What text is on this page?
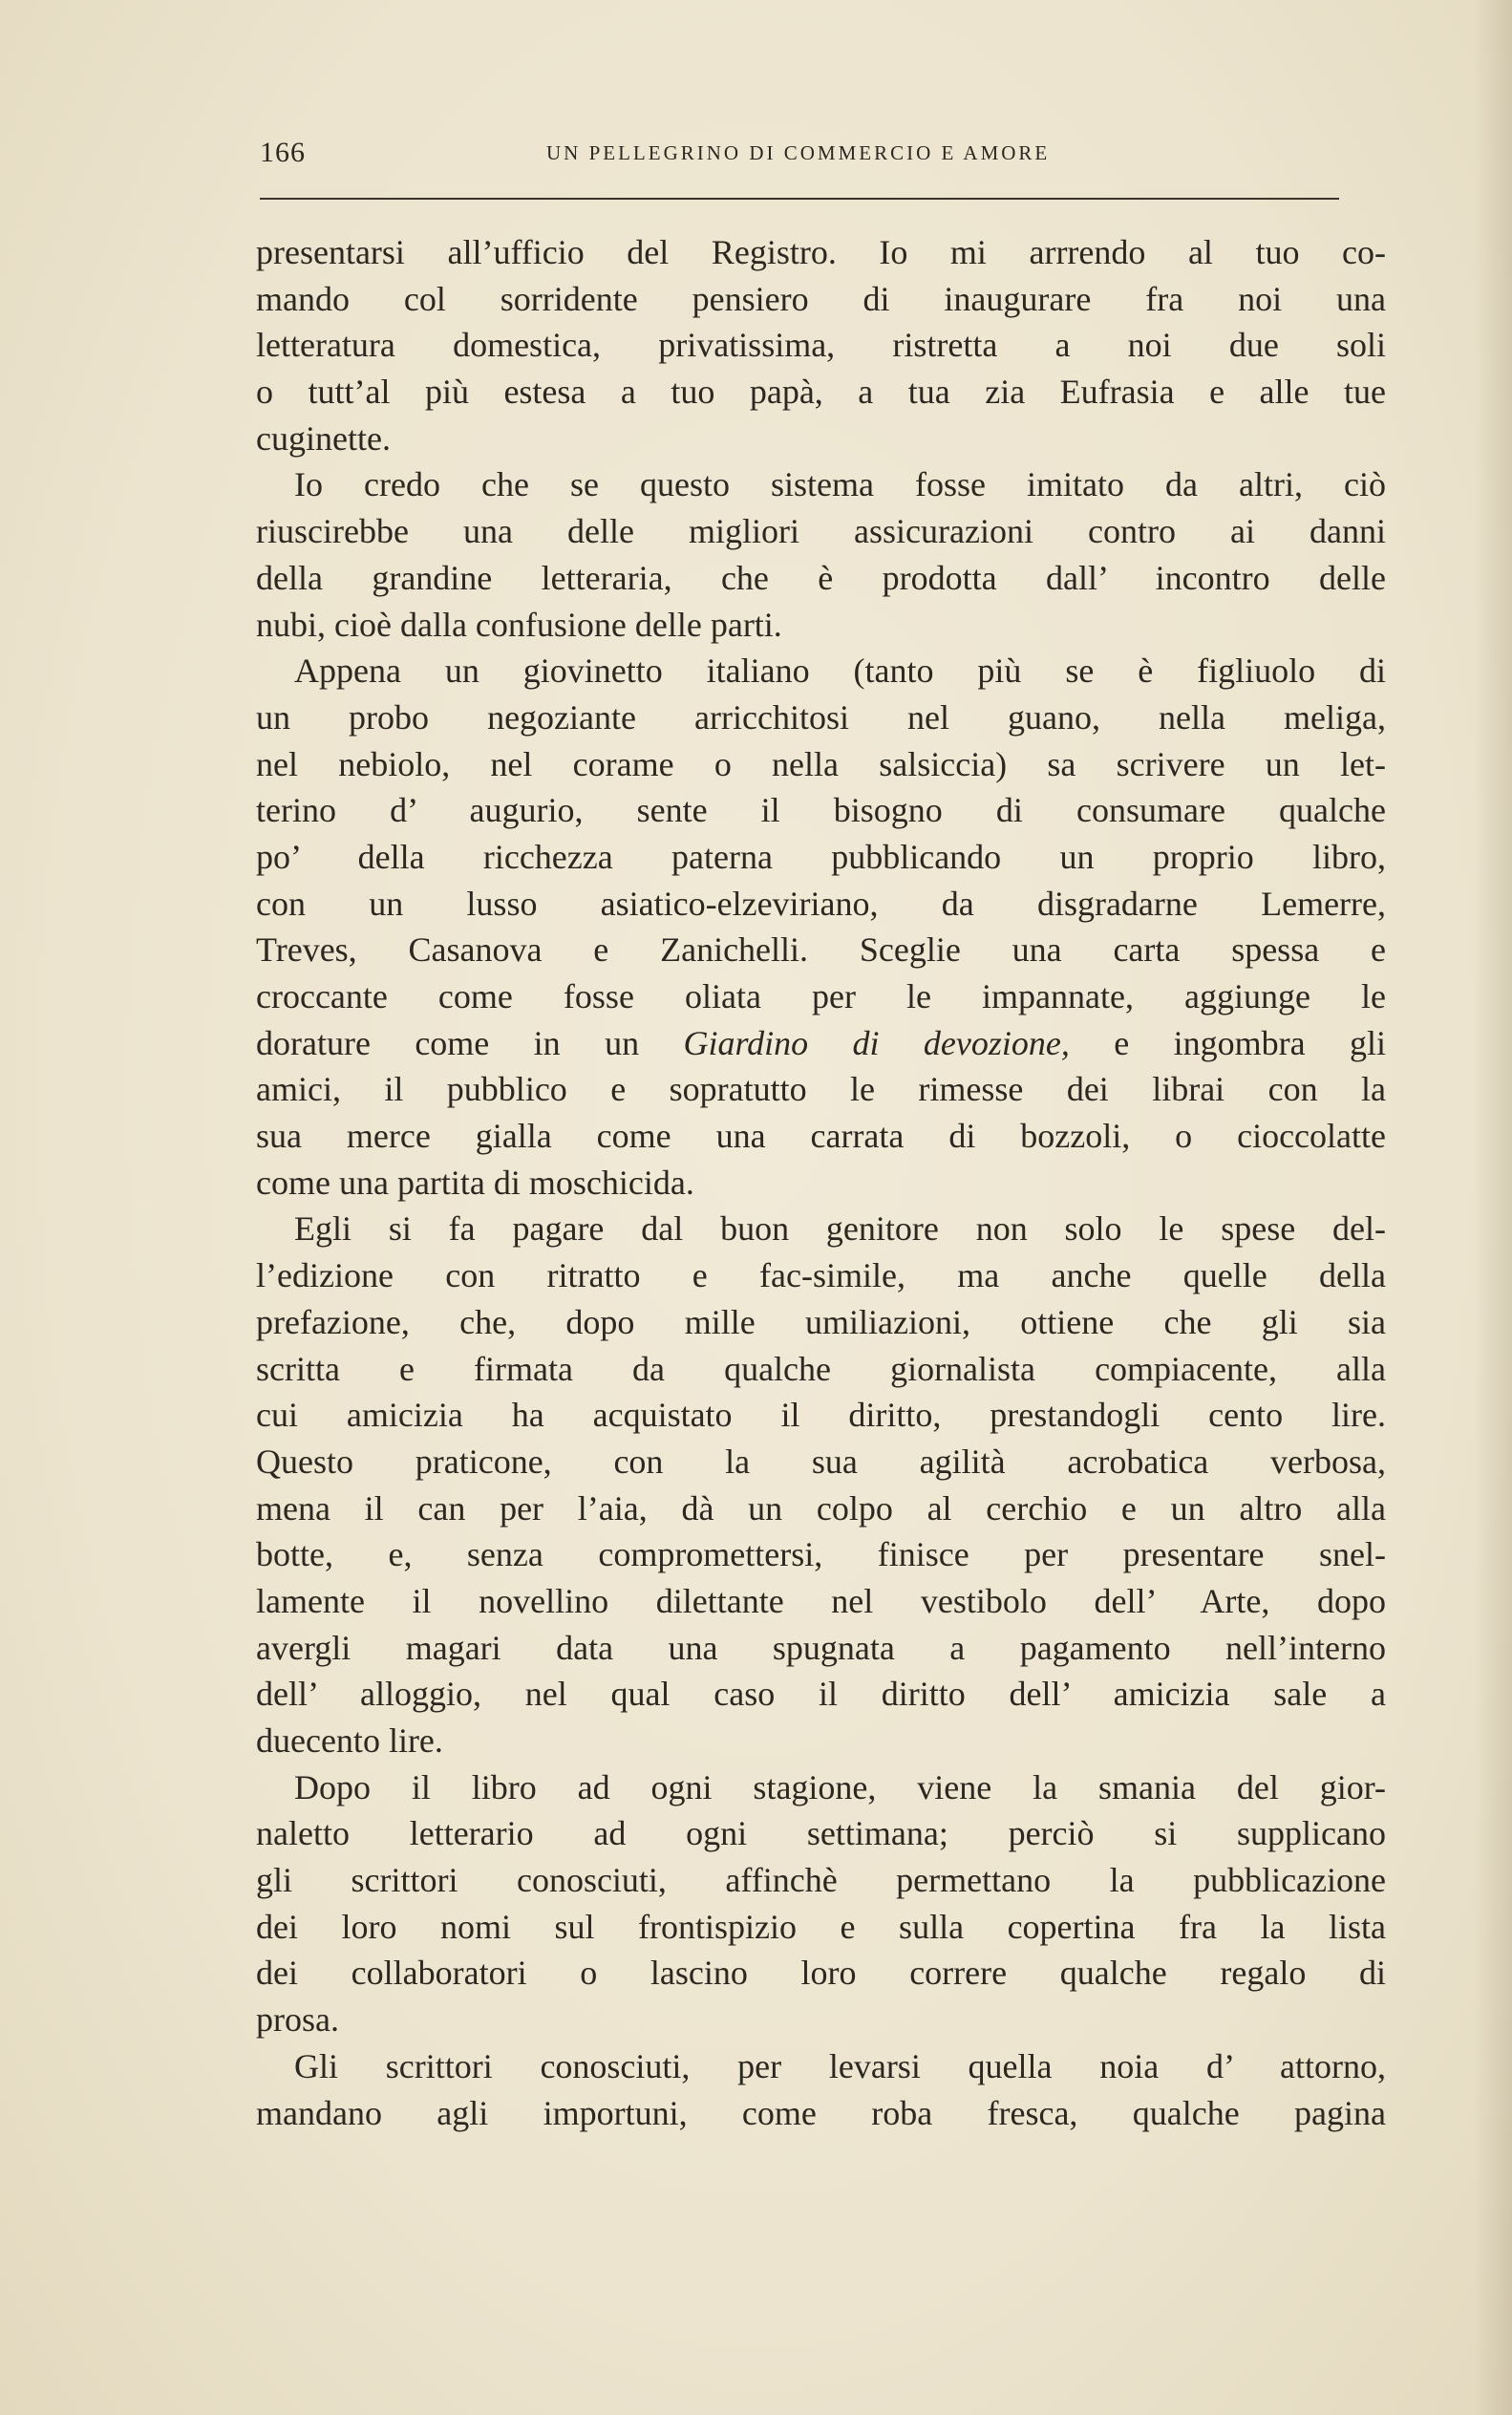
166	UN PELLEGRINO DI COMMERCIO E AMORE
presentarsi all’ufficio del Registro. Io mi arrrendo al tuo co-
mando col sorridente pensiero di inaugurare fra noi una
letteratura domestica, privatissima, ristretta a noi due soli
o tutt’al più estesa a tuo papà, a tua zia Eufrasia e alle tue
cuginette.
Io credo che se questo sistema fosse imitato da altri, ciò
riuscirebbe una delle migliori assicurazioni contro ai danni
della grandine letteraria, che è prodotta dall’ incontro delle
nubi, cioè dalla confusione delle parti.
Appena un giovinetto italiano (tanto più se è figliuolo di
un probo negoziante arricchitosi nel guano, nella meliga,
nel nebiolo, nel corame o nella salsiccia) sa scrivere un let-
terino d’ augurio, sente il bisogno di consumare qualche
po’ della ricchezza paterna pubblicando un proprio libro,
con un lusso asiatico-elzeviriano, da disgradarne Lemerre,
Treves, Casanova e Zanichelli. Sceglie una carta spessa e
croccante come fosse oliata per le impannate, aggiunge le
dorature come in un Giardino di devozione, e ingombra gli
amici, il pubblico e sopratutto le rimesse dei librai con la
sua merce gialla come una carrata di bozzoli, o cioccolatte
come una partita di moschicida.
Egli si fa pagare dal buon genitore non solo le spese del-
l’edizione con ritratto e fac-simile, ma anche quelle della
prefazione, che, dopo mille umiliazioni, ottiene che gli sia
scritta e firmata da qualche giornalista compiacente, alla
cui amicizia ha acquistato il diritto, prestandogli cento lire.
Questo praticone, con la sua agilità acrobatica verbosa,
mena il can per l’aia, dà un colpo al cerchio e un altro alla
botte, e, senza compromettersi, finisce per presentare snel-
lamente il novellino dilettante nel vestibolo dell’ Arte, dopo
avergli magari data una spugnata a pagamento nell’interno
dell’ alloggio, nel qual caso il diritto dell’ amicizia sale a
duecento lire.
Dopo il libro ad ogni stagione, viene la smania del gior-
naletto letterario ad ogni settimana; perciò si supplicano
gli scrittori conosciuti, affinchè permettano la pubblicazione
dei loro nomi sul frontispizio e sulla copertina fra la lista
dei collaboratori o lascino loro correre qualche regalo di
prosa.
Gli scrittori conosciuti, per levarsi quella noia d’ attorno,
mandano agli importuni, come roba fresca, qualche pagina
